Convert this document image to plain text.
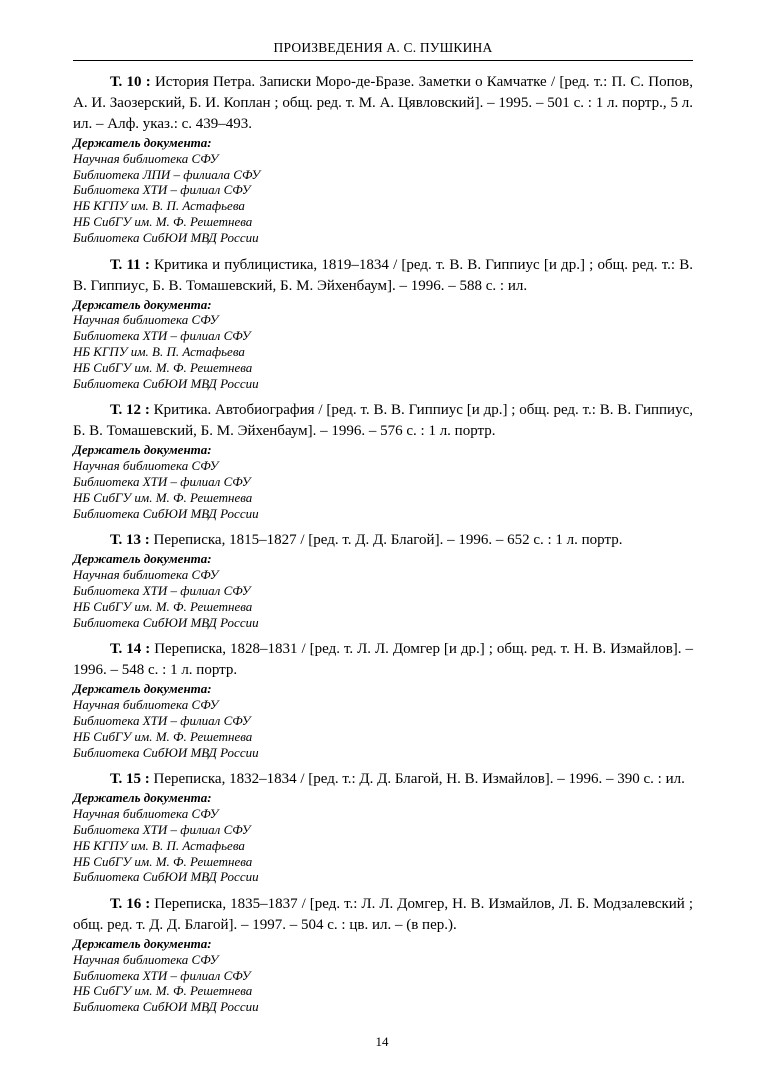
ПРОИЗВЕДЕНИЯ А. С. ПУШКИНА

Т. 10 : История Петра. Записки Моро-де-Бразе. Заметки о Камчатке / [ред. т.: П. С. Попов, А. И. Заозерский, Б. И. Коплан ; общ. ред. т. М. А. Цявловский]. – 1995. – 501 с. : 1 л. портр., 5 л. ил. – Алф. указ.: с. 439–493.

Держатель документа:

Научная библиотека СФУ

Библиотека ЛПИ – филиала СФУ

Библиотека ХТИ – филиал СФУ

НБ КГПУ им. В. П. Астафьева

НБ СибГУ им. М. Ф. Решетнева

Библиотека СибЮИ МВД России

Т. 11 : Критика и публицистика, 1819–1834 / [ред. т. В. В. Гиппиус [и др.] ; общ. ред. т.: В. В. Гиппиус, Б. В. Томашевский, Б. М. Эйхенбаум]. – 1996. – 588 с. : ил.

Держатель документа:

Научная библиотека СФУ

Библиотека ХТИ – филиал СФУ

НБ КГПУ им. В. П. Астафьева

НБ СибГУ им. М. Ф. Решетнева

Библиотека СибЮИ МВД России

Т. 12 : Критика. Автобиография / [ред. т. В. В. Гиппиус [и др.] ; общ. ред. т.: В. В. Гиппиус, Б. В. Томашевский, Б. М. Эйхенбаум]. – 1996. – 576 с. : 1 л. портр.

Держатель документа:

Научная библиотека СФУ

Библиотека ХТИ – филиал СФУ

НБ СибГУ им. М. Ф. Решетнева

Библиотека СибЮИ МВД России

Т. 13 : Переписка, 1815–1827 / [ред. т. Д. Д. Благой]. – 1996. – 652 с. : 1 л. портр.

Держатель документа:

Научная библиотека СФУ

Библиотека ХТИ – филиал СФУ

НБ СибГУ им. М. Ф. Решетнева

Библиотека СибЮИ МВД России

Т. 14 : Переписка, 1828–1831 / [ред. т. Л. Л. Домгер [и др.] ; общ. ред. т. Н. В. Измайлов]. – 1996. – 548 с. : 1 л. портр.

Держатель документа:

Научная библиотека СФУ

Библиотека ХТИ – филиал СФУ

НБ СибГУ им. М. Ф. Решетнева

Библиотека СибЮИ МВД России

Т. 15 : Переписка, 1832–1834 / [ред. т.: Д. Д. Благой, Н. В. Измайлов]. – 1996. – 390 с. : ил.

Держатель документа:

Научная библиотека СФУ

Библиотека ХТИ – филиал СФУ

НБ КГПУ им. В. П. Астафьева

НБ СибГУ им. М. Ф. Решетнева

Библиотека СибЮИ МВД России

Т. 16 : Переписка, 1835–1837 / [ред. т.: Л. Л. Домгер, Н. В. Измайлов, Л. Б. Модзалевский ; общ. ред. т. Д. Д. Благой]. – 1997. – 504 с. : цв. ил. – (в пер.).

Держатель документа:

Научная библиотека СФУ

Библиотека ХТИ – филиал СФУ

НБ СибГУ им. М. Ф. Решетнева

Библиотека СибЮИ МВД России

14
